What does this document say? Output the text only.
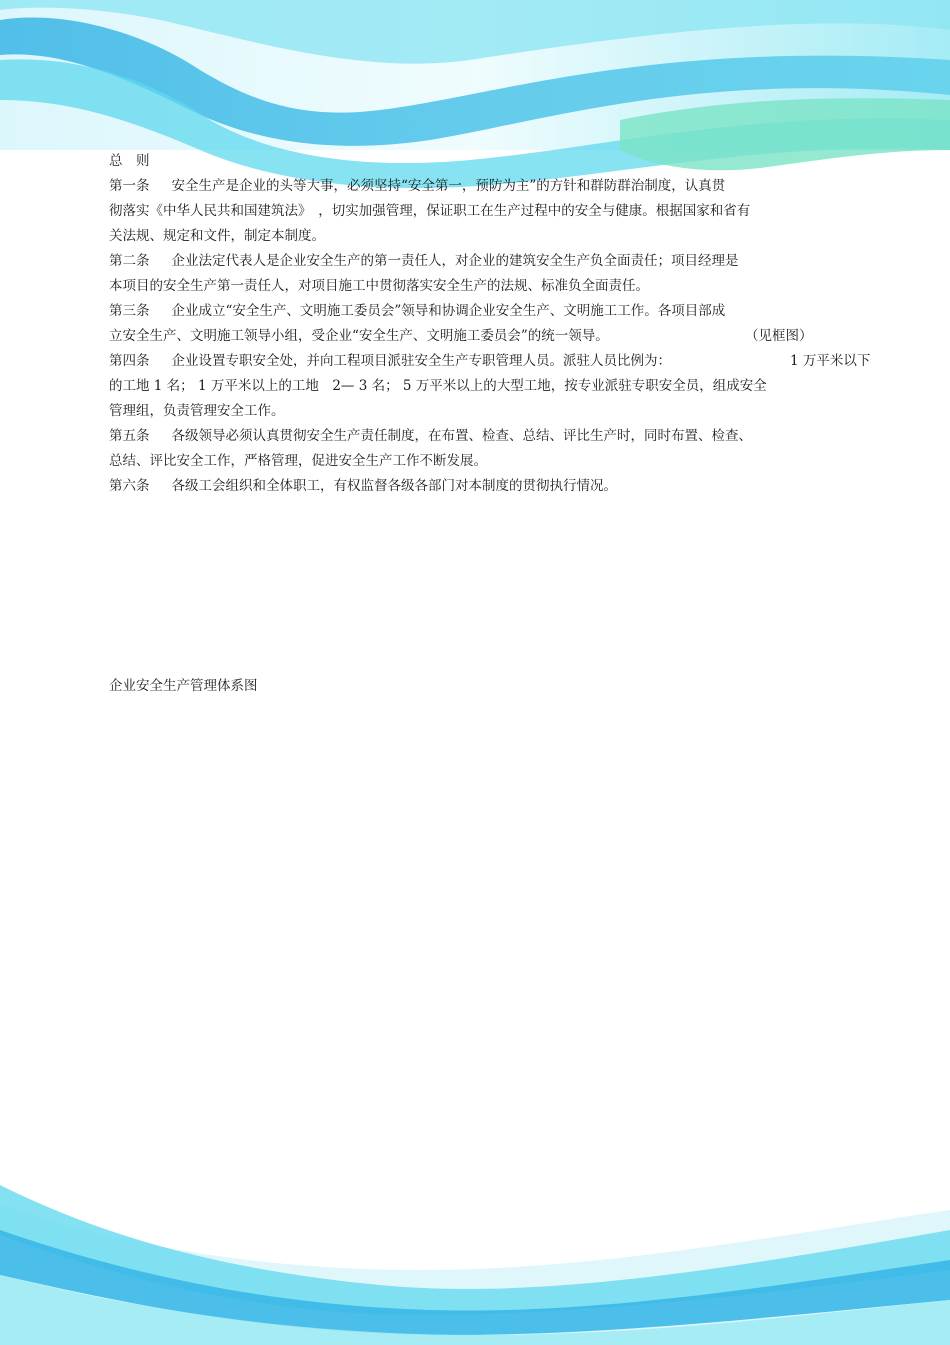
总　则
第一条 安全生产是企业的头等大事，必须坚持“安全第一，预防为主”的方针和群防群治制度，认真贯
彻落实《中华人民共和国建筑法》　，切实加强管理，保证职工在生产过程中的安全与健康。根据国家和省有
关法规、规定和文件，制定本制度。
第二条 企业法定代表人是企业安全生产的第一责任人，对企业的建筑安全生产负全面责任；项目经理是
本项目的安全生产第一责任人，对项目施工中贯彻落实安全生产的法规、标准负全面责任。
第三条 企业成立“安全生产、文明施工委员会”领导和协调企业安全生产、文明施工工作。各项目部成
立安全生产、文明施工领导小组，受企业“安全生产、文明施工委员会”的统一领导。	（见框图）
第四条 企业设置专职安全处，并向工程项目派驻安全生产专职管理人员。派驻人员比例为：	1 万平米以下
的工地 1 名； 1 万平米以上的工地　2— 3 名； 5 万平米以上的大型工地，按专业派驻专职安全员，组成安全
管理组，负责管理安全工作。
第五条 各级领导必须认真贯彻安全生产责任制度，在布置、检查、总结、评比生产时，同时布置、检查、
总结、评比安全工作，严格管理，促进安全生产工作不断发展。
第六条 各级工会组织和全体职工，有权监督各级各部门对本制度的贯彻执行情况。
企业安全生产管理体系图
